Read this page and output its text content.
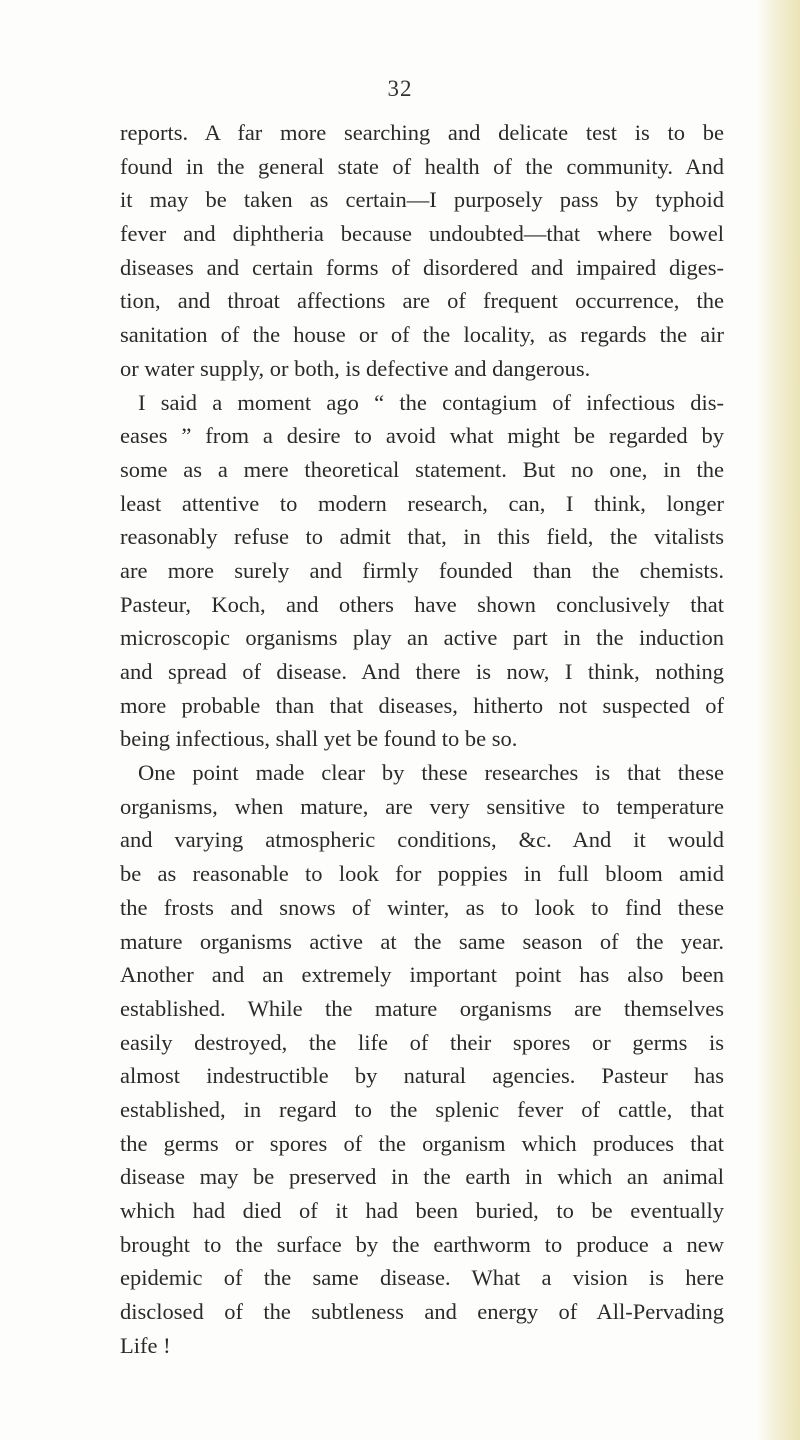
32
reports. A far more searching and delicate test is to be
found in the general state of health of the community. And
it may be taken as certain—I purposely pass by typhoid
fever and diphtheria because undoubted—that where bowel
diseases and certain forms of disordered and impaired diges-
tion, and throat affections are of frequent occurrence, the
sanitation of the house or of the locality, as regards the air
or water supply, or both, is defective and dangerous.
I said a moment ago “ the contagium of infectious dis-
eases ” from a desire to avoid what might be regarded by
some as a mere theoretical statement. But no one, in the
least attentive to modern research, can, I think, longer
reasonably refuse to admit that, in this field, the vitalists
are more surely and firmly founded than the chemists.
Pasteur, Koch, and others have shown conclusively that
microscopic organisms play an active part in the induction
and spread of disease. And there is now, I think, nothing
more probable than that diseases, hitherto not suspected of
being infectious, shall yet be found to be so.
One point made clear by these researches is that these
organisms, when mature, are very sensitive to temperature
and varying atmospheric conditions, &c. And it would
be as reasonable to look for poppies in full bloom amid
the frosts and snows of winter, as to look to find these
mature organisms active at the same season of the year.
Another and an extremely important point has also been
established. While the mature organisms are themselves
easily destroyed, the life of their spores or germs is
almost indestructible by natural agencies. Pasteur has
established, in regard to the splenic fever of cattle, that
the germs or spores of the organism which produces that
disease may be preserved in the earth in which an animal
which had died of it had been buried, to be eventually
brought to the surface by the earthworm to produce a new
epidemic of the same disease. What a vision is here
disclosed of the subtleness and energy of All-Pervading
Life !
